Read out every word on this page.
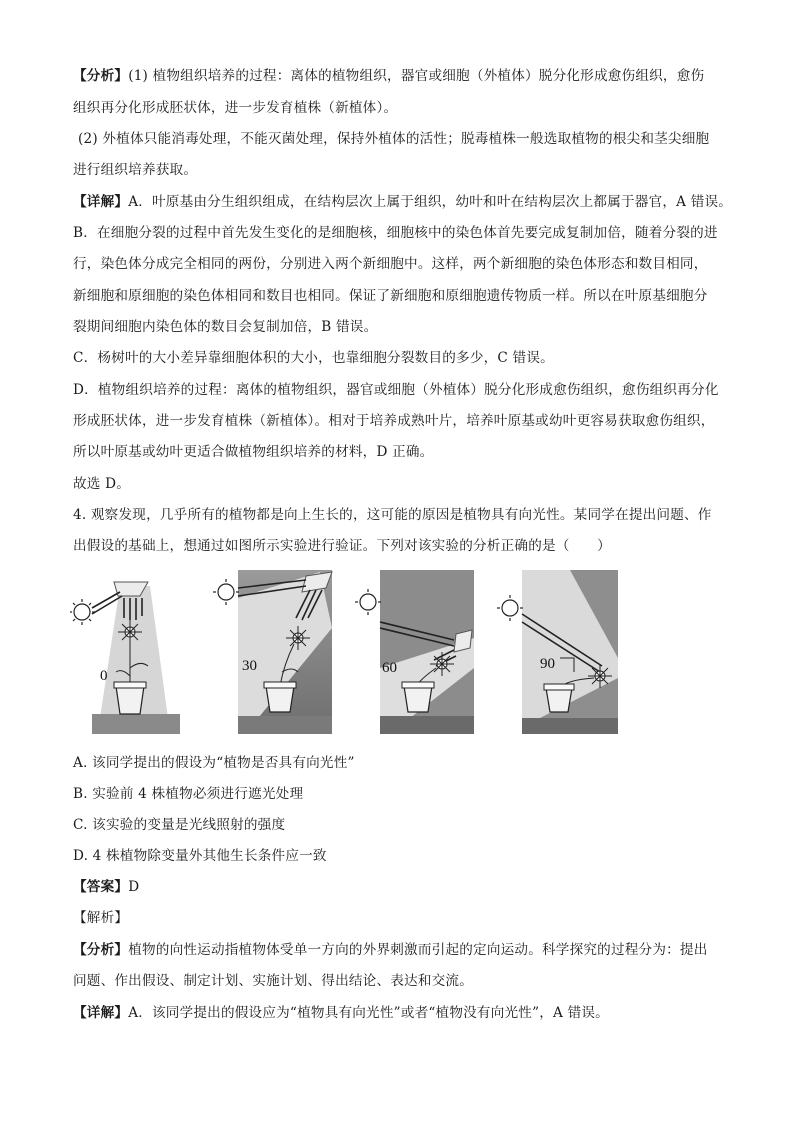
【分析】(1) 植物组织培养的过程：离体的植物组织，器官或细胞（外植体）脱分化形成愈伤组织，愈伤
组织再分化形成胚状体，进一步发育植株（新植体）。
(2) 外植体只能消毒处理，不能灭菌处理，保持外植体的活性；脱毒植株一般选取植物的根尖和茎尖细胞
进行组织培养获取。
【详解】A．叶原基由分生组织组成，在结构层次上属于组织，幼叶和叶在结构层次上都属于器官，A 错误。
B．在细胞分裂的过程中首先发生变化的是细胞核，细胞核中的染色体首先要完成复制加倍，随着分裂的进
行，染色体分成完全相同的两份，分别进入两个新细胞中。这样，两个新细胞的染色体形态和数目相同，
新细胞和原细胞的染色体相同和数目也相同。保证了新细胞和原细胞遗传物质一样。所以在叶原基细胞分
裂期间细胞内染色体的数目会复制加倍，B 错误。
C．杨树叶的大小差异靠细胞体积的大小，也靠细胞分裂数目的多少，C 错误。
D．植物组织培养的过程：离体的植物组织，器官或细胞（外植体）脱分化形成愈伤组织，愈伤组织再分化
形成胚状体，进一步发育植株（新植体）。相对于培养成熟叶片，培养叶原基或幼叶更容易获取愈伤组织，
所以叶原基或幼叶更适合做植物组织培养的材料，D 正确。
故选 D。
4. 观察发现，几乎所有的植物都是向上生长的，这可能的原因是植物具有向光性。某同学在提出问题、作
出假设的基础上，想通过如图所示实验进行验证。下列对该实验的分析正确的是（　　）
0
30	60	90
A. 该同学提出的假设为“植物是否具有向光性”
B. 实验前 4 株植物必须进行遮光处理
C. 该实验的变量是光线照射的强度
D. 4 株植物除变量外其他生长条件应一致
【答案】D
【解析】
【分析】植物的向性运动指植物体受单一方向的外界刺激而引起的定向运动。科学探究的过程分为：提出
问题、作出假设、制定计划、实施计划、得出结论、表达和交流。
【详解】A．该同学提出的假设应为“植物具有向光性”或者“植物没有向光性”，A 错误。
